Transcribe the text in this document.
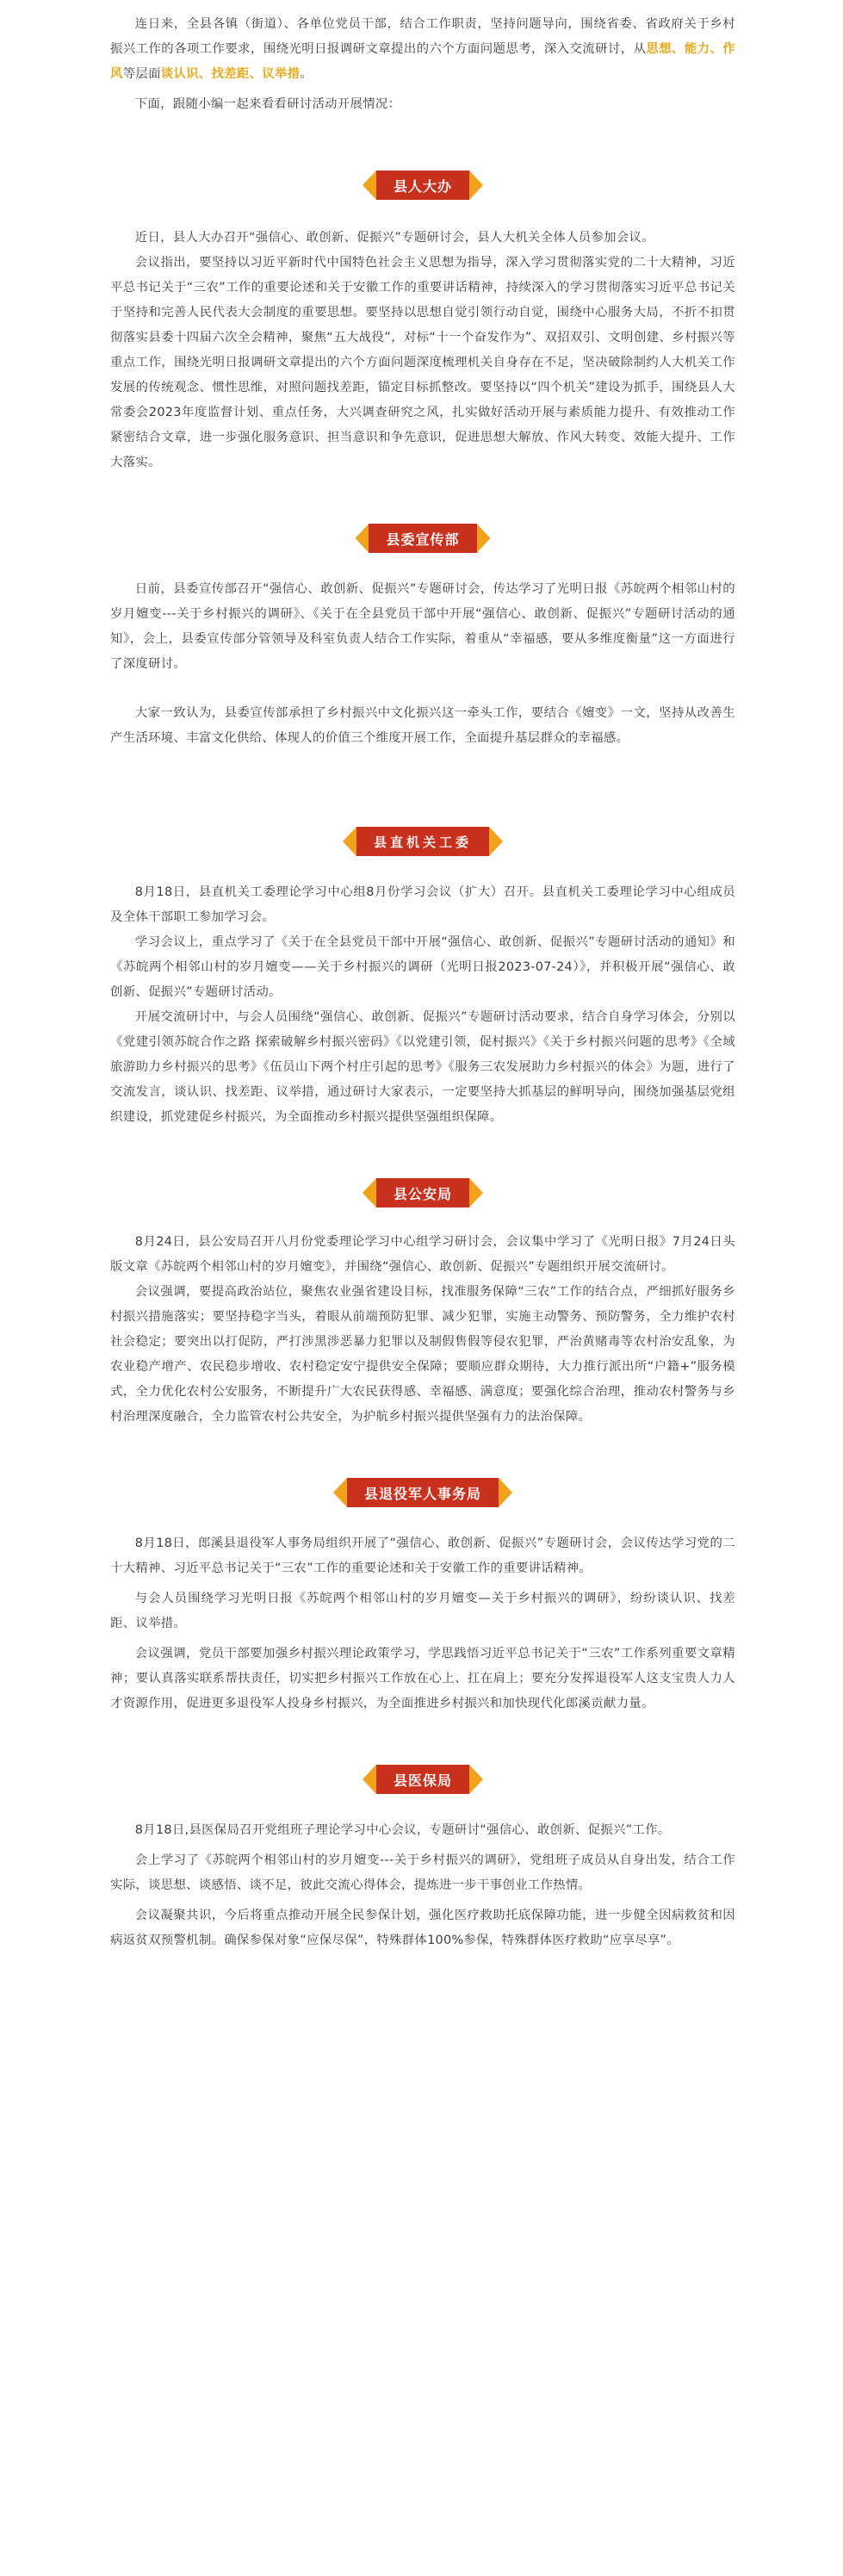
连日来，全县各镇（街道）、各单位党员干部，结合工作职责，坚持问题导向，围绕省委、省政府关于乡村振兴工作的各项工作要求，围绕光明日报调研文章提出的六个方面问题思考，深入交流研讨，从思想、能力、作风等层面谈认识、找差距、议举措。

下面，跟随小编一起来看看研讨活动开展情况：

县人大办

近日，县人大办召开“强信心、敢创新、促振兴”专题研讨会，县人大机关全体人员参加会议。

会议指出，要坚持以习近平新时代中国特色社会主义思想为指导，深入学习贯彻落实党的二十大精神，习近平总书记关于“三农”工作的重要论述和关于安徽工作的重要讲话精神，持续深入的学习贯彻落实习近平总书记关于坚持和完善人民代表大会制度的重要思想。要坚持以思想自觉引领行动自觉，围绕中心服务大局，不折不扣贯彻落实县委十四届六次全会精神，聚焦“五大战役”，对标“十一个奋发作为”、双招双引、文明创建、乡村振兴等重点工作，围绕光明日报调研文章提出的六个方面问题深度梳理机关自身存在不足，坚决破除制约人大机关工作发展的传统观念、惯性思维，对照问题找差距，锚定目标抓整改。要坚持以“四个机关”建设为抓手，围绕县人大常委会2023年度监督计划、重点任务，大兴调查研究之风，扎实做好活动开展与素质能力提升、有效推动工作紧密结合文章，进一步强化服务意识、担当意识和争先意识，促进思想大解放、作风大转变、效能大提升、工作大落实。

县委宣传部

日前，县委宣传部召开“强信心、敢创新、促振兴”专题研讨会，传达学习了光明日报《苏皖两个相邻山村的岁月嬗变---关于乡村振兴的调研》、《关于在全县党员干部中开展“强信心、敢创新、促振兴”专题研讨活动的通知》，会上，县委宣传部分管领导及科室负责人结合工作实际，着重从“幸福感，要从多维度衡量”这一方面进行了深度研讨。

大家一致认为，县委宣传部承担了乡村振兴中文化振兴这一牵头工作，要结合《嬗变》一文，坚持从改善生产生活环境、丰富文化供给、体现人的价值三个维度开展工作，全面提升基层群众的幸福感。

县直机关工委

8月18日，县直机关工委理论学习中心组8月份学习会议（扩大）召开。县直机关工委理论学习中心组成员及全体干部职工参加学习会。

学习会议上，重点学习了《关于在全县党员干部中开展“强信心、敢创新、促振兴”专题研讨活动的通知》和《苏皖两个相邻山村的岁月嬗变——关于乡村振兴的调研（光明日报2023-07-24）》，并积极开展“强信心、敢创新、促振兴”专题研讨活动。

开展交流研讨中，与会人员围绕“强信心、敢创新、促振兴”专题研讨活动要求，结合自身学习体会，分别以《党建引领苏皖合作之路 探索破解乡村振兴密码》《以党建引领，促村振兴》《关于乡村振兴问题的思考》《全域旅游助力乡村振兴的思考》《伍员山下两个村庄引起的思考》《服务三农发展助力乡村振兴的体会》为题，进行了交流发言，谈认识、找差距、议举措，通过研讨大家表示，一定要坚持大抓基层的鲜明导向，围绕加强基层党组织建设，抓党建促乡村振兴，为全面推动乡村振兴提供坚强组织保障。

县公安局

8月24日，县公安局召开八月份党委理论学习中心组学习研讨会，会议集中学习了《光明日报》7月24日头版文章《苏皖两个相邻山村的岁月嬗变》，并围绕“强信心、敢创新、促振兴”专题组织开展交流研讨。

会议强调，要提高政治站位，聚焦农业强省建设目标，找准服务保障“三农”工作的结合点，严细抓好服务乡村振兴措施落实；要坚持稳字当头，着眼从前端预防犯罪、减少犯罪，实施主动警务、预防警务，全力维护农村社会稳定；要突出以打促防，严打涉黑涉恶暴力犯罪以及制假售假等侵农犯罪，严治黄赌毒等农村治安乱象，为农业稳产增产、农民稳步增收、农村稳定安宁提供安全保障；要顺应群众期待，大力推行派出所“户籍+”服务模式，全力优化农村公安服务，不断提升广大农民获得感、幸福感、满意度；要强化综合治理，推动农村警务与乡村治理深度融合，全力监管农村公共安全，为护航乡村振兴提供坚强有力的法治保障。

县退役军人事务局

8月18日，郎溪县退役军人事务局组织开展了“强信心、敢创新、促振兴”专题研讨会，会议传达学习党的二十大精神、习近平总书记关于“三农”工作的重要论述和关于安徽工作的重要讲话精神。

与会人员围绕学习光明日报《苏皖两个相邻山村的岁月嬗变—关于乡村振兴的调研》，纷纷谈认识、找差距、议举措。

会议强调，党员干部要加强乡村振兴理论政策学习，学思践悟习近平总书记关于“三农”工作系列重要文章精神；要认真落实联系帮扶责任，切实把乡村振兴工作放在心上、扛在肩上；要充分发挥退役军人这支宝贵人力人才资源作用，促进更多退役军人投身乡村振兴，为全面推进乡村振兴和加快现代化郎溪贡献力量。

县医保局

8月18日,县医保局召开党组班子理论学习中心会议，专题研讨“强信心、敢创新、促振兴”工作。

会上学习了《苏皖两个相邻山村的岁月嬗变---关于乡村振兴的调研》，党组班子成员从自身出发，结合工作实际，谈思想、谈感悟、谈不足，彼此交流心得体会，提炼进一步干事创业工作热情。

会议凝聚共识，今后将重点推动开展全民参保计划，强化医疗救助托底保障功能，进一步健全因病救贫和因病返贫双预警机制。确保参保对象“应保尽保”，特殊群体100%参保，特殊群体医疗救助“应享尽享”。
